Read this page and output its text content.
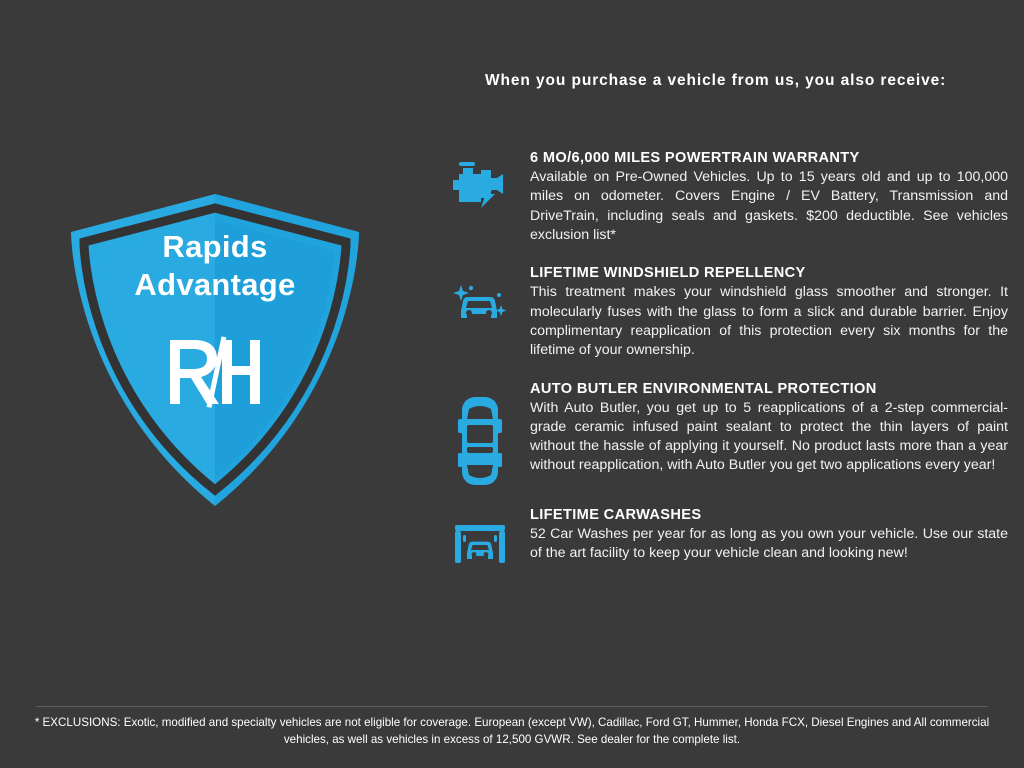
Rapids
Advantage
When you purchase a vehicle from us, you also receive:
6 MO/6,000 MILES POWERTRAIN WARRANTY
Available on Pre-Owned Vehicles. Up to 15 years old and up to 100,000 miles on odometer. Covers Engine / EV Battery, Transmission and DriveTrain, including seals and gaskets. $200 deductible. See vehicles exclusion list*
LIFETIME WINDSHIELD REPELLENCY
This treatment makes your windshield glass smoother and stronger. It molecularly fuses with the glass to form a slick and durable barrier. Enjoy complimentary reapplication of this protection every six months for the lifetime of your ownership.
AUTO BUTLER ENVIRONMENTAL PROTECTION
With Auto Butler, you get up to 5 reapplications of a 2-step commercial-grade ceramic infused paint sealant to protect the thin layers of paint without the hassle of applying it yourself. No product lasts more than a year without reapplication, with Auto Butler you get two applications every year!
LIFETIME CARWASHES
52 Car Washes per year for as long as you own your vehicle. Use our state of the art facility to keep your vehicle clean and looking new!
* EXCLUSIONS: Exotic, modified and specialty vehicles are not eligible for coverage. European (except VW), Cadillac, Ford GT, Hummer, Honda FCX, Diesel Engines and All commercial vehicles, as well as vehicles in excess of 12,500 GVWR. See dealer for the complete list.
